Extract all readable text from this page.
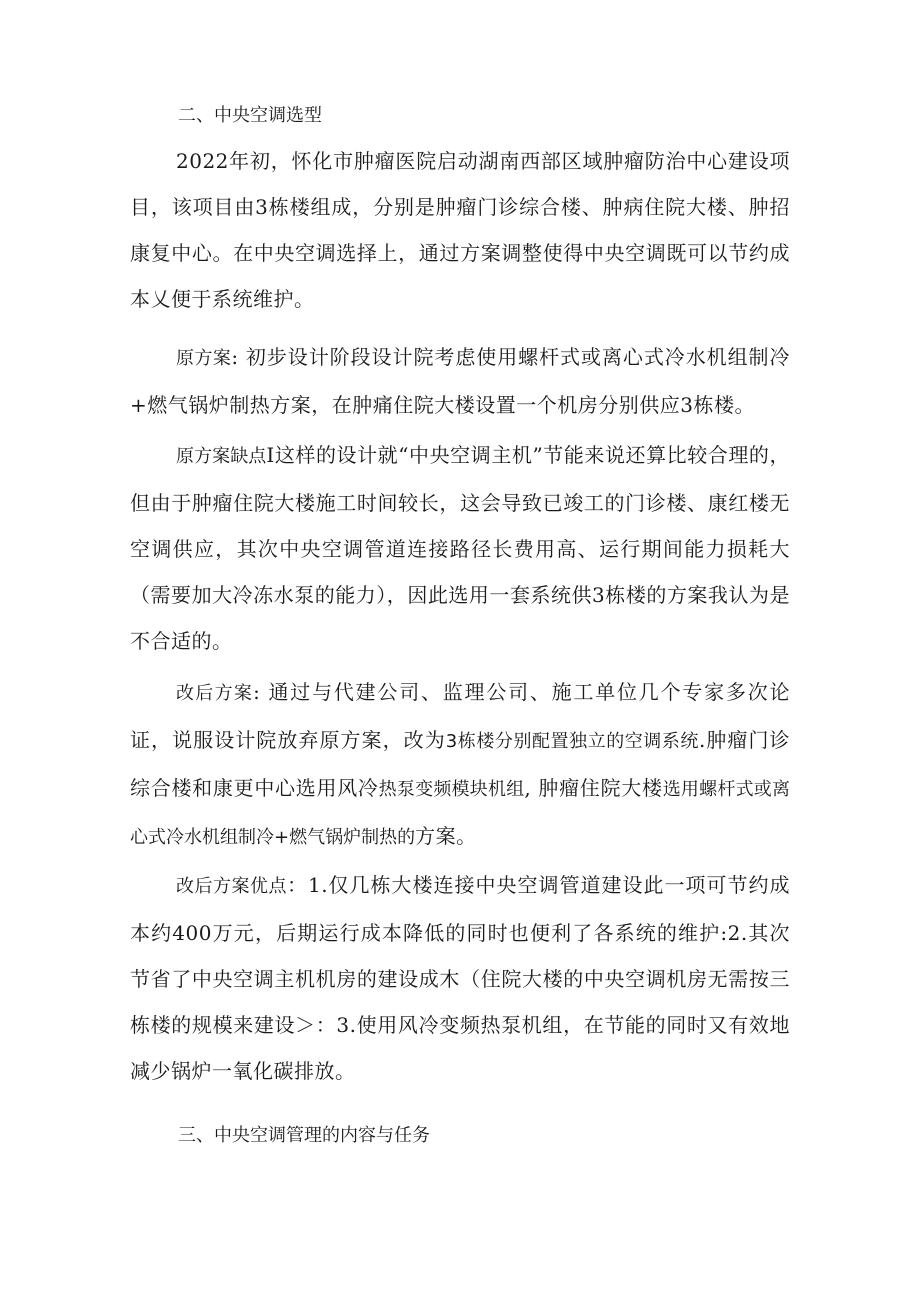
二、中央空调选型

2022年初，怀化市肿瘤医院启动湖南西部区域肿瘤防治中心建设项目，该项目由3栋楼组成，分别是肿瘤门诊综合楼、肿病住院大楼、肿招康复中心。在中央空调选择上，通过方案调整使得中央空调既可以节约成本乂便于系统维护。

原方案: 初步设计阶段设计院考虑使用螺杆式或离心式冷水机组制冷+燃气锅炉制热方案，在肿痛住院大楼设置一个机房分别供应3栋楼。

原方案缺点I这样的设计就“中央空调主机”节能来说还算比较合理的，但由于肿瘤住院大楼施工时间较长，这会导致已竣工的门诊楼、康红楼无空调供应，其次中央空调管道连接路径长费用高、运行期间能力损耗大（需要加大冷冻水泵的能力），因此选用一套系统供3栋楼的方案我认为是不合适的。

改后方案: 通过与代建公司、监理公司、施工单位几个专家多次论证，说服设计院放弃原方案，改为3栋楼分别配置独立的空调系统.肿瘤门诊综合楼和康更中心选用风冷热泵变频模块机组, 肿瘤住院大楼选用螺杆式或离心式冷水机组制冷+燃气锅炉制热的方案。

改后方案优点：1.仅几栋大楼连接中央空调管道建设此一项可节约成本约400万元，后期运行成本降低的同时也便利了各系统的维护:2.其次节省了中央空调主机机房的建设成木（住院大楼的中央空调机房无需按三栋楼的规模来建设＞：3.使用风冷变频热泵机组，在节能的同时又有效地减少锅炉一氧化碳排放。

三、中央空调管理的内容与任务
